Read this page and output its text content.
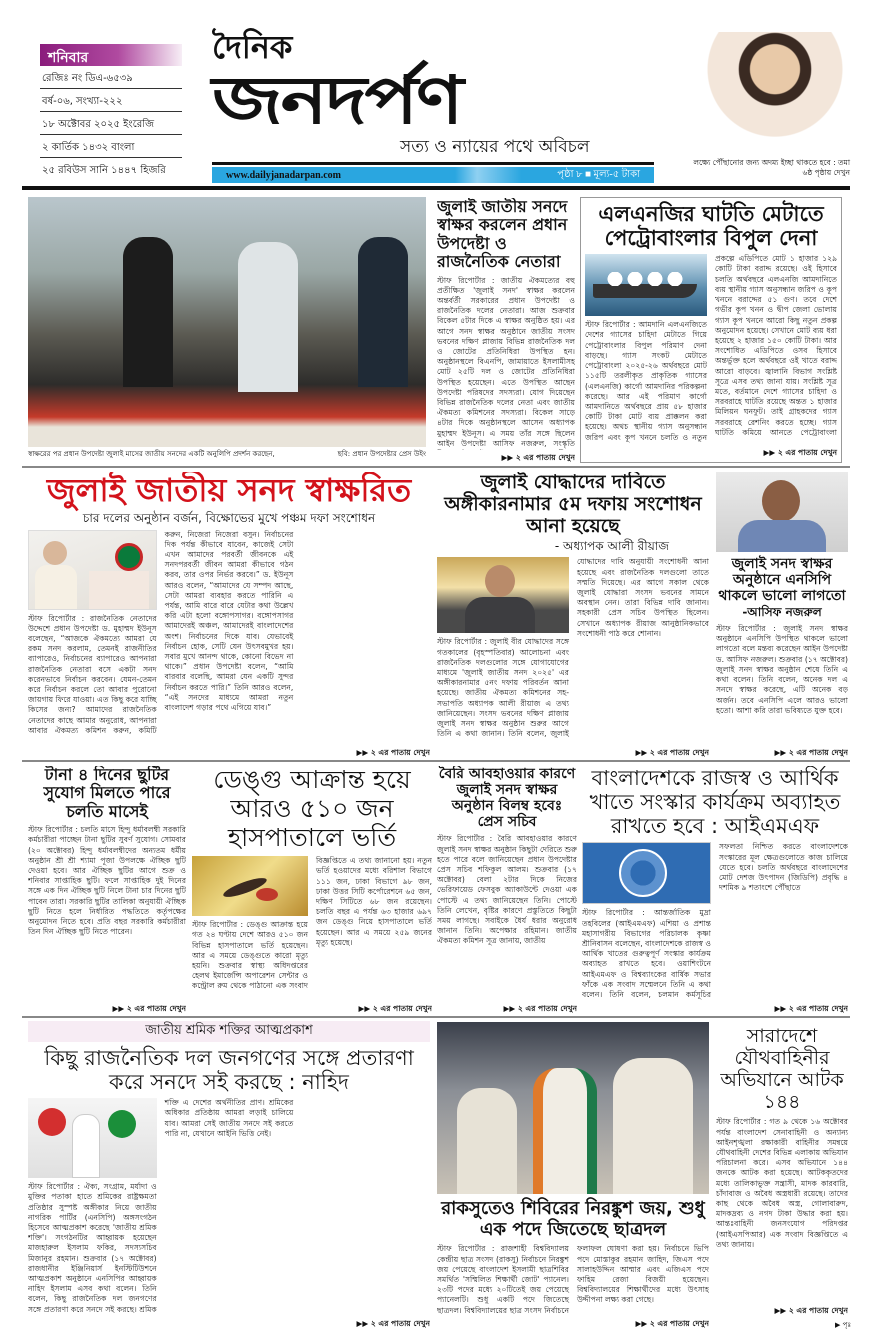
শনিবার
রেজিঃ নং ডিএ-৬৫৩৯
বর্ষ-০৬, সংখ্যা-২২২
১৮ অক্টোবর ২০২৫ ইংরেজি
২ কার্তিক ১৪৩২ বাংলা
২৫ রবিউস সানি ১৪৪৭ হিজরি
দৈনিক
জনদর্পণ
সত্য ও ন্যায়ের পথে অবিচল
www.dailyjanadarpan.com	পৃষ্ঠা ৮ ■ মূল্য-৫ টাকা
লক্ষ্যে পৌঁছানোর জন্য অদম্য ইচ্ছা থাকতে হবে : তমা
৬ষ্ঠ পৃষ্ঠায় দেখুন
স্বাক্ষরের পর প্রধান উপদেষ্টা জুলাই মাসের জাতীয় সনদের একটি অনুলিপি প্রদর্শন করছেন,	ছবি: প্রধান উপদেষ্টার প্রেস উইং
জুলাই জাতীয় সনদে স্বাক্ষর করলেন প্রধান উপদেষ্টা ও রাজনৈতিক নেতারা
স্টাফ রিপোর্টার : জাতীয় ঐকমত্যের বহু প্রতীক্ষিত 'জুলাই সনদ' স্বাক্ষর করলেন অন্তর্বর্তী সরকারের প্রধান উপদেষ্টা ও রাজনৈতিক দলের নেতারা। আজ শুক্রবার বিকেল ৫টার দিকে এ স্বাক্ষর অনুষ্ঠিত হয়। এর আগে সনদ স্বাক্ষর অনুষ্ঠানে জাতীয় সংসদ ভবনের দক্ষিণ প্লাজায় বিভিন্ন রাজনৈতিক দল ও জোটের প্রতিনিধিরা উপস্থিত হন। অনুষ্ঠানস্থলে বিএনপি, জামায়াতে ইসলামীসহ মোট ২৫টি দল ও জোটের প্রতিনিধিরা উপস্থিত হয়েছেন। এতে উপস্থিত আছেন উপদেষ্টা পরিষদের সদস্যরা। যোগ দিয়েছেন বিভিন্ন রাজনৈতিক দলের নেতা এবং জাতীয় ঐকমত্য কমিশনের সদস্যরা। বিকেল সাড়ে ৪টার দিকে অনুষ্ঠানস্থলে আসেন অধ্যাপক মুহাম্মদ ইউনূস। এ সময় তাঁর সঙ্গে ছিলেন আইন উপদেষ্টা আসিফ নজরুল, সংস্কৃতি
▶▶ ২ এর পাতায় দেখুন
এলএনজির ঘাটতি মেটাতে পেট্রোবাংলার বিপুল দেনা
স্টাফ রিপোর্টার : আমদানি এলএনজিতে দেশের গ্যাসের চাহিদা মেটাতে গিয়ে পেট্রোবাংলার বিপুল পরিমাণ দেনা বাড়ছে। গ্যাস সংকট মেটাতে পেট্রোবাংলা ২০২৫-২৬ অর্থবছরে মোট ১১৫টি তরলীকৃত প্রাকৃতিক গ্যাসের (এলএনজি) কার্গো আমদানির পরিকল্পনা করেছে। আর এই পরিমাণ কার্গো আমদানিতে অর্থবছরে প্রায় ৫৮ হাজার কোটি টাকা মোট ব্যয় প্রাক্কলন করা হয়েছে। অথচ স্থানীয় গ্যাস অনুসন্ধান জরিপ এবং কূপ খননে চলতি ও নতুন প্রকল্পে এডিপিতে মোট ১ হাজার ১২৯ কোটি টাকা বরাদ্দ রয়েছে। ওই হিসাবে চলতি অর্থবছরে এলএনজি আমদানিতে ব্যয় স্থানীয় গ্যাস অনুসন্ধান জরিপ ও কূপ খননে বরাদ্দের ৫১ গুণ। তবে দেশে গভীর কূপ খনন ও দ্বীপ জেলা ভোলায় গ্যাস কূপ খননে আরো কিছু নতুন প্রকল্প অনুমোদন হয়েছে। সেখানে মোট ব্যয় ধরা হয়েছে ২ হাজার ১৫০ কোটি টাকা। আর সংশোধিত এডিপিতে ওসব হিসাবে অন্তর্ভুক্ত হলে অর্থবছরে ওই খাতে বরাদ্দ আরো বাড়বে। জ্বালানি বিভাগ সংশ্লিষ্ট সূত্রে এসব তথ্য জানা যায়। সংশ্লিষ্ট সূত্র মতে, বর্তমানে দেশে গ্যাসের চাহিদা ও সরবরাহে ঘাটতি রয়েছে অন্তত ১ হাজার মিলিয়ন ঘনফুট। তাই গ্রাহকদের গ্যাস সরবরাহে রেশনিং করতে হচ্ছে। গ্যাস ঘাটতি কমিয়ে আনতে পেট্রোবাংলা
▶▶ ২ এর পাতায় দেখুন
জুলাই জাতীয় সনদ স্বাক্ষরিত
চার দলের অনুষ্ঠান বর্জন, বিক্ষোভের মুখে পঞ্চম দফা সংশোধন
স্টাফ রিপোর্টার : রাজনৈতিক নেতাদের উদ্দেশে প্রধান উপদেষ্টা ড. মুহাম্মদ ইউনূস বলেছেন, “আজকে ঐকমত্যে আমরা যে রকম সনদ করলাম, তেমনই রাজনীতির ব্যাপারেও, নির্বাচনের ব্যাপারেও আপনারা রাজনৈতিক নেতারা বসে একটা সনদ করেনভাবে নির্বাচন করবেন। যেমন-তেমন করে নির্বাচন করলে তো আবার পুরোনো জায়গায় ফিরে যাওয়া। এত কিছু করে যাচ্ছি কিসের জন্য? আমাদের রাজনৈতিক নেতাদের কাছে আমার অনুরোধ, আপনারা আবার ঐকমত্য কমিশন করুন, কমিটি করুন, নিজেরা নিজেরা বসুন। নির্বাচনের দিক পর্যন্ত কীভাবে যাবেন, কাজেই সেটা এখন আমাদের পরবর্তী জীবনকে এই সনদপরবর্তী জীবন আমরা কীভাবে গঠন করব, তার ওপর নির্ভর করবে।” ড. ইউনূস আরও বলেন, “আমাদের যে সম্পদ আছে, সেটা আমরা ব্যবহার করতে পারিনি এ পর্যন্ত, আমি বারে বারে যেটার কথা উল্লেখ করি এটা হলো বঙ্গোপসাগর। বঙ্গোপসাগর আমাদেরই অঞ্চল, আমাদেরই বাংলাদেশের অংশ। নির্বাচনের দিকে যাব। যেভাবেই নির্বাচন হোক, সেটি যেন উৎসবমুখর হয়। সবার মুখে আনন্দ থাকে, কোনো বিভেদ না থাকে।” প্রধান উপদেষ্টা বলেন, “আমি বারবার বলেছি, আমরা যেন একটি সুন্দর নির্বাচন করতে পারি।” তিনি আরও বলেন, “এই সনদের মাধ্যমে আমরা নতুন বাংলাদেশ গড়ার পথে এগিয়ে যাব।”
▶▶ ২ এর পাতায় দেখুন
জুলাই যোদ্ধাদের দাবিতে অঙ্গীকারনামার ৫ম দফায় সংশোধন আনা হয়েছে
- অধ্যাপক আলী রীয়াজ
স্টাফ রিপোর্টার : জুলাই বীর যোদ্ধাদের সঙ্গে গতকালের (বৃহস্পতিবার) আলোচনা এবং রাজনৈতিক দলগুলোর সঙ্গে যোগাযোগের মাধ্যমে 'জুলাই জাতীয় সনদ ২০২৫' এর অঙ্গীকারনামার ৫নং দফায় পরিবর্তন আনা হয়েছে। জাতীয় ঐকমত্য কমিশনের সহ-সভাপতি অধ্যাপক আলী রীয়াজ এ তথ্য জানিয়েছেন। সংসদ ভবনের দক্ষিণ প্লাজায় জুলাই সনদ স্বাক্ষর অনুষ্ঠান শুরুর আগে তিনি এ কথা জানান। তিনি বলেন, জুলাই যোদ্ধাদের দাবি অনুযায়ী সংশোধনী আনা হয়েছে এবং রাজনৈতিক দলগুলো তাতে সম্মতি দিয়েছে। এর আগে সকাল থেকে জুলাই যোদ্ধারা সংসদ ভবনের সামনে অবস্থান নেন। তারা বিভিন্ন দাবি জানান। সহকারী প্রেস সচিব উপস্থিত ছিলেন। সেখানে অধ্যাপক রীয়াজ আনুষ্ঠানিকভাবে সংশোধনী পাঠ করে শোনান।
▶▶ ২ এর পাতায় দেখুন
জুলাই সনদ স্বাক্ষর অনুষ্ঠানে এনসিপি থাকলে ভালো লাগতো
-আসিফ নজরুল
স্টাফ রিপোর্টার : জুলাই সনদ স্বাক্ষর অনুষ্ঠানে এনসিপি উপস্থিত থাকলে ভালো লাগতো বলে মন্তব্য করেছেন আইন উপদেষ্টা ড. আসিফ নজরুল। শুক্রবার (১৭ অক্টোবর) জুলাই সনদ স্বাক্ষর অনুষ্ঠান শেষে তিনি এ কথা বলেন। তিনি বলেন, অনেক দল এ সনদে স্বাক্ষর করেছে, এটি অনেক বড় অর্জন। তবে এনসিপি এলে আরও ভালো হতো। আশা করি তারা ভবিষ্যতে যুক্ত হবে।
▶▶ ২ এর পাতায় দেখুন
টানা ৪ দিনের ছুটির সুযোগ মিলতে পারে চলতি মাসেই
স্টাফ রিপোর্টার : চলতি মাসে হিন্দু ধর্মাবলম্বী সরকারি কর্মচারীরা পাচ্ছেন টানা ছুটির সুবর্ণ সুযোগ। সোমবার (২০ অক্টোবর) হিন্দু ধর্মাবলম্বীদের অন্যতম ধর্মীয় অনুষ্ঠান শ্রী শ্রী শ্যামা পূজা উপলক্ষে ঐচ্ছিক ছুটি দেওয়া হবে। আর ঐচ্ছিক ছুটির আগে শুক্র ও শনিবার সাপ্তাহিক ছুটি। ফলে সাপ্তাহিক দুই দিনের সঙ্গে এক দিন ঐচ্ছিক ছুটি নিলে টানা চার দিনের ছুটি পাবেন তারা। সরকারি ছুটির তালিকা অনুযায়ী ঐচ্ছিক ছুটি নিতে হলে নির্ধারিত পদ্ধতিতে কর্তৃপক্ষের অনুমোদন নিতে হবে। প্রতি বছর সরকারি কর্মচারীরা তিন দিন ঐচ্ছিক ছুটি নিতে পারেন।
▶▶ ২ এর পাতায় দেখুন
ডেঙ্গু আক্রান্ত হয়ে আরও ৫১০ জন হাসপাতালে ভর্তি
স্টাফ রিপোর্টার : ডেঙ্গু আক্রান্ত হয়ে গত ২৪ ঘণ্টায় দেশে আরও ৫১০ জন বিভিন্ন হাসপাতালে ভর্তি হয়েছেন। আর এ সময়ে ডেঙ্গুতে কারো মৃত্যু হয়নি। শুক্রবার স্বাস্থ্য অধিদপ্তরের হেলথ ইমার্জেন্সি অপারেশন সেন্টার ও কন্ট্রোল রুম থেকে পাঠানো এক সংবাদ বিজ্ঞপ্তিতে এ তথ্য জানানো হয়। নতুন ভর্তি হওয়াদের মধ্যে বরিশাল বিভাগে ১১১ জন, ঢাকা বিভাগে ৯৮ জন, ঢাকা উত্তর সিটি কর্পোরেশনে ৬৫ জন, দক্ষিণ সিটিতে ৬৮ জন রয়েছেন। চলতি বছর এ পর্যন্ত ৬৩ হাজার ৬৯৭ জন ডেঙ্গু নিয়ে হাসপাতালে ভর্তি হয়েছেন। আর এ সময়ে ২৫৯ জনের মৃত্যু হয়েছে।
▶▶ ২ এর পাতায় দেখুন
বৈরি আবহাওয়ার কারণে জুলাই সনদ স্বাক্ষর অনুষ্ঠান বিলম্ব হবেঃ প্রেস সচিব
স্টাফ রিপোর্টার : বৈরি আবহাওয়ার কারণে জুলাই সনদ স্বাক্ষর অনুষ্ঠান কিছুটা দেরিতে শুরু হতে পারে বলে জানিয়েছেন প্রধান উপদেষ্টার প্রেস সচিব শফিকুল আলম। শুক্রবার (১৭ অক্টোবর) বেলা ২টার দিকে নিজের ভেরিফায়েড ফেসবুক অ্যাকাউন্টে দেওয়া এক পোস্টে এ তথ্য জানিয়েছেন তিনি। পোস্টে তিনি লেখেন, বৃষ্টির কারণে প্রস্তুতিতে কিছুটা সময় লাগছে। সবাইকে ধৈর্য ধরার অনুরোধ জানান তিনি। অপেক্ষার রহিমান। জাতীয় ঐকমত্য কমিশন সূত্র জানায়, জাতীয়
▶▶ ২ এর পাতায় দেখুন
বাংলাদেশকে রাজস্ব ও আর্থিক খাতে সংস্কার কার্যক্রম অব্যাহত রাখতে হবে : আইএমএফ
স্টাফ রিপোর্টার : আন্তর্জাতিক মুদ্রা তহবিলের (আইএমএফ) এশিয়া ও প্রশান্ত মহাসাগরীয় বিভাগের পরিচালক কৃষ্ণা শ্রীনিবাসন বলেছেন, বাংলাদেশকে রাজস্ব ও আর্থিক খাতের গুরুত্বপূর্ণ সংস্কার কার্যক্রম অব্যাহত রাখতে হবে। ওয়াশিংটনে আইএমএফ ও বিশ্বব্যাংকের বার্ষিক সভার ফাঁকে এক সংবাদ সম্মেলনে তিনি এ কথা বলেন। তিনি বলেন, চলমান কর্মসূচির সফলতা নিশ্চিত করতে বাংলাদেশকে সংস্কারের মূল ক্ষেত্রগুলোতে কাজ চালিয়ে যেতে হবে। চলতি অর্থবছরে বাংলাদেশের মোট দেশজ উৎপাদন (জিডিপি) প্রবৃদ্ধি ৪ দশমিক ৯ শতাংশে পৌঁছাতে
▶▶ ২ এর পাতায় দেখুন
জাতীয় শ্রমিক শক্তির আত্মপ্রকাশ
কিছু রাজনৈতিক দল জনগণের সঙ্গে প্রতারণা করে সনদে সই করছে : নাহিদ
স্টাফ রিপোর্টার : ঐক্য, সংগ্রাম, মর্যাদা ও মুক্তির পতাকা হাতে শ্রমিকের রাষ্ট্রক্ষমতা প্রতিষ্ঠার সুস্পষ্ট অঙ্গীকার নিয়ে জাতীয় নাগরিক পার্টির (এনসিপি) অঙ্গসংগঠন হিসেবে আত্মপ্রকাশ করেছে 'জাতীয় শ্রমিক শক্তি'। সংগঠনটির আহ্বায়ক হয়েছেন মাজহারুল ইসলাম ফকির, সদস্যসচিব মিজানুর রহমান। শুক্রবার (১৭ অক্টোবর) রাজধানীর ইঞ্জিনিয়ার্স ইনস্টিটিউশনে আত্মপ্রকাশ অনুষ্ঠানে এনসিপির আহ্বায়ক নাহিদ ইসলাম এসব কথা বলেন। তিনি বলেন, কিছু রাজনৈতিক দল জনগণের সঙ্গে প্রতারণা করে সনদে সই করছে। শ্রমিক শক্তি এ দেশের অর্থনীতির প্রাণ। শ্রমিকের অধিকার প্রতিষ্ঠায় আমরা লড়াই চালিয়ে যাব। আমরা সেই জাতীয় সনদে সই করতে পারি না, যেখানে আইনি ভিত্তি নেই।
▶▶ ২ এর পাতায় দেখুন
রাকসুতেও শিবিরের নিরঙ্কুশ জয়, শুধু এক পদে জিতেছে ছাত্রদল
স্টাফ রিপোর্টার : রাজশাহী বিশ্ববিদ্যালয় কেন্দ্রীয় ছাত্র সংসদ (রাকসু) নির্বাচনে নিরঙ্কুশ জয় পেয়েছে বাংলাদেশ ইসলামী ছাত্রশিবির সমর্থিত 'সম্মিলিত শিক্ষার্থী জোট' প্যানেল। ২৩টি পদের মধ্যে ২০টিতেই জয় পেয়েছে প্যানেলটি। শুধু একটি পদে জিতেছে ছাত্রদল। বিশ্ববিদ্যালয়ের ছাত্র সংসদ নির্বাচনে ফলাফল ঘোষণা করা হয়। নির্বাচনে ভিপি পদে মোস্তাকুর রহমান জাহিদ, জিএস পদে সালাহউদ্দিন আম্মার এবং এজিএস পদে ফাহিম রেজা বিজয়ী হয়েছেন। বিশ্ববিদ্যালয়ের শিক্ষার্থীদের মধ্যে উৎসাহ উদ্দীপনা লক্ষ্য করা গেছে।
▶▶ ২ এর পাতায় দেখুন
সারাদেশে যৌথবাহিনীর অভিযানে আটক ১৪৪
স্টাফ রিপোর্টার : গত ৯ থেকে ১৬ অক্টোবর পর্যন্ত বাংলাদেশ সেনাবাহিনী ও অন্যান্য আইনশৃঙ্খলা রক্ষাকারী বাহিনীর সমন্বয়ে যৌথবাহিনী দেশের বিভিন্ন এলাকায় অভিযান পরিচালনা করে। এসব অভিযানে ১৪৪ জনকে আটক করা হয়েছে। আটককৃতদের মধ্যে তালিকাভুক্ত সন্ত্রাসী, মাদক কারবারি, চাঁদাবাজ ও অবৈধ অস্ত্রধারী রয়েছে। তাদের কাছ থেকে অবৈধ অস্ত্র, গোলাবারুদ, মাদকদ্রব্য ও নগদ টাকা উদ্ধার করা হয়। আন্তঃবাহিনী জনসংযোগ পরিদপ্তর (আইএসপিআর) এক সংবাদ বিজ্ঞপ্তিতে এ তথ্য জানায়।
▶▶ ২ এর পাতায় দেখুন
▶ পৃঃ
